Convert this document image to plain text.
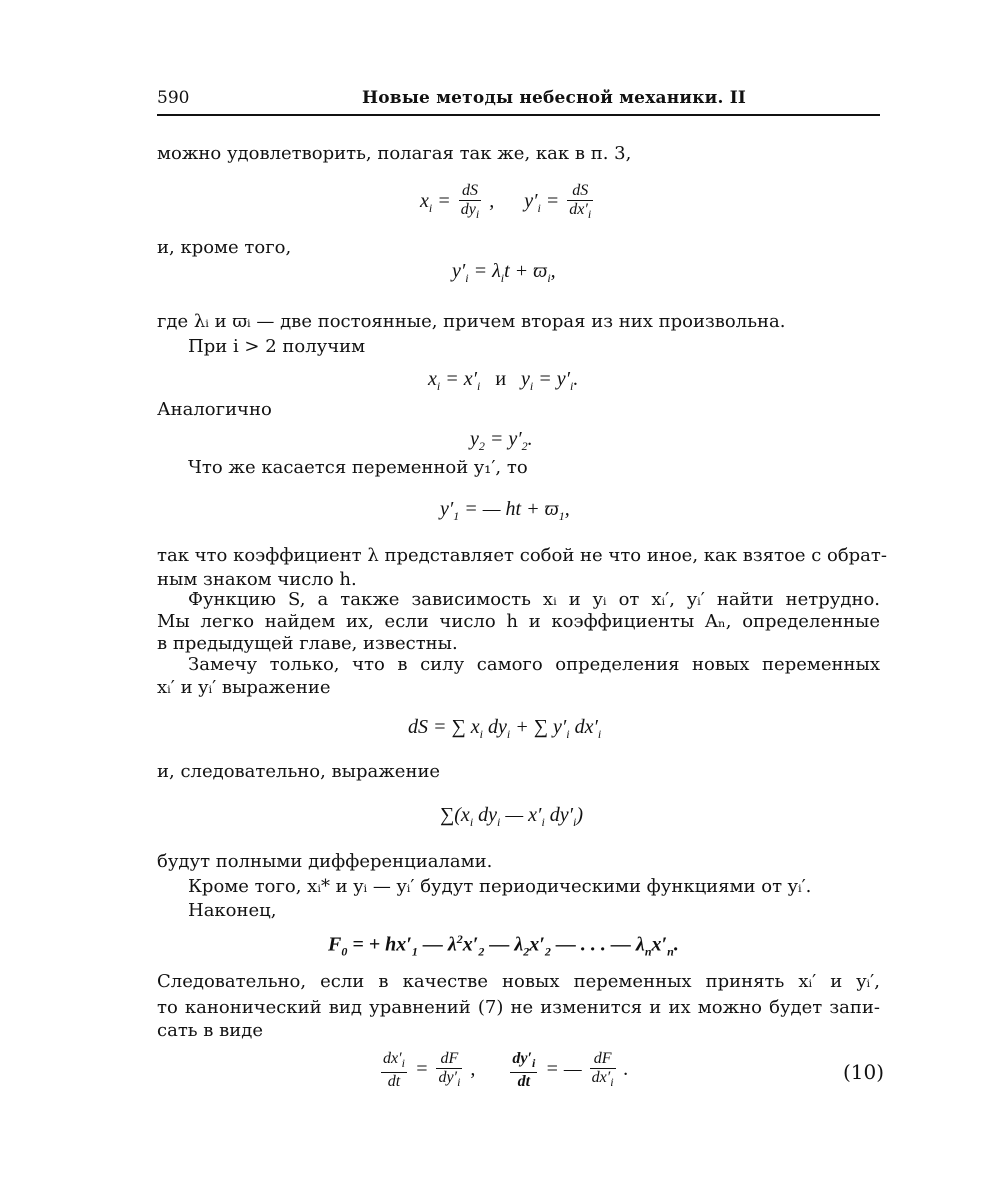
590	Новые методы небесной механики. II
можно удовлетворить, полагая так же, как в п. 3,
$x_i = \frac{dS}{dy_i}$ ,  $y'_i = \frac{dS}{dx'_i}$
и, кроме того,
$y'_i = \lambda_it + ϖ_i$,
где λᵢ и ϖᵢ — две постоянные, причем вторая из них произвольна.
При i > 2 получим
$x_i = x'_i$   и   $y_i = y'_i$.
Аналогично
$y_2 = y'_2$.
Что же касается переменной y₁′, то
$y'_1$ = — ht + $ϖ_1$,
так что коэффициент λ представляет собой не что иное, как взятое с обрат-
ным знаком число h.
Функцию S, а также зависимость xᵢ и yᵢ от xᵢ′, yᵢ′ найти нетрудно.
Мы легко найдем их, если число h и коэффициенты Aₙ, определенные
в предыдущей главе, известны.
Замечу только, что в силу самого определения новых переменных
xᵢ′ и yᵢ′ выражение
dS = ∑ $x_i$ $dy_i$ + ∑ $y'_i$ $dx'_i$
и, следовательно, выражение
$\sum(x_i$ $dy_i$ — $x'_i$ $dy'_i$)
будут полными дифференциалами.
Кроме того, xᵢ* и yᵢ — yᵢ′ будут периодическими функциями от yᵢ′.
Наконец,
$F_0$ = + $hx'_1$ — $\lambda^2x'_2$ — $\lambda_2x'_2$ — . . . — $\lambda_nx'_n$.
Следовательно, если в качестве новых переменных принять xᵢ′ и yᵢ′,
то канонический вид уравнений (7) не изменится и их можно будет запи-
сать в виде
$\frac{dx'_i}{dt} = \frac{dF}{dy'_i}$ , $\frac{dy'_i}{dt}$ = — $\frac{dF}{dx'_i}$ .	(10)
